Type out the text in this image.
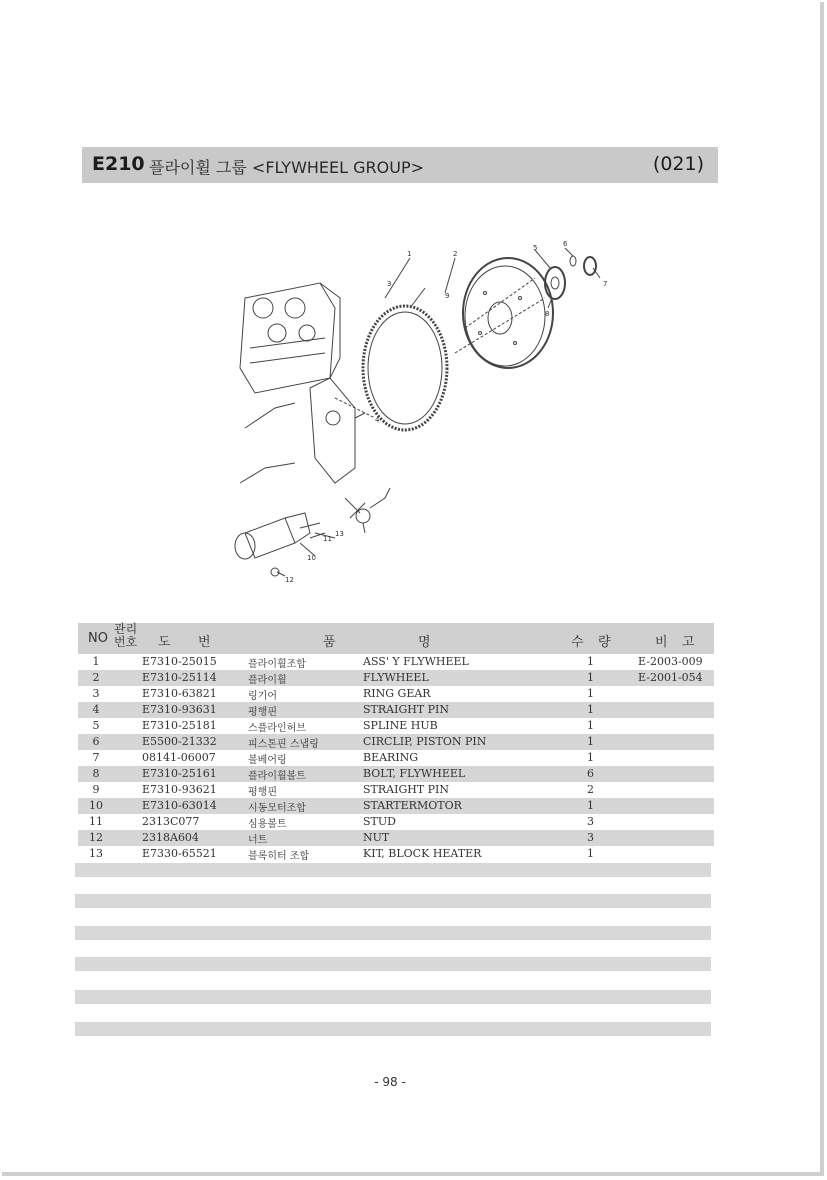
E210 플라이휠 그룹 <FLYWHEEL GROUP>	(021)
1	2
3
4
5	6
7
8
9
10
11
12
13
NO
관리번호 도 번	품	명	수 량	비 고
1	E7310-25015	플라이휠조합	ASS' Y FLYWHEEL	1	E-2003-009
2	E7310-25114	플라이휠	FLYWHEEL	1	E-2001-054
3	E7310-63821	링기어	RING GEAR	1
4	E7310-93631	평행핀	STRAIGHT PIN	1
5	E7310-25181	스플라인허브	SPLINE HUB	1
6	E5500-21332	피스톤핀 스냅링	CIRCLIP, PISTON PIN	1
7	08141-06007	볼베어링	BEARING	1
8	E7310-25161	플라이휠볼트	BOLT, FLYWHEEL	6
9	E7310-93621	평행핀	STRAIGHT PIN	2
10	E7310-63014	시동모터조합	STARTERMOTOR	1
11	2313C077	심용볼트	STUD	3
12	2318A604	너트	NUT	3
13	E7330-65521	블록히터 조합	KIT, BLOCK HEATER	1
- 98 -
